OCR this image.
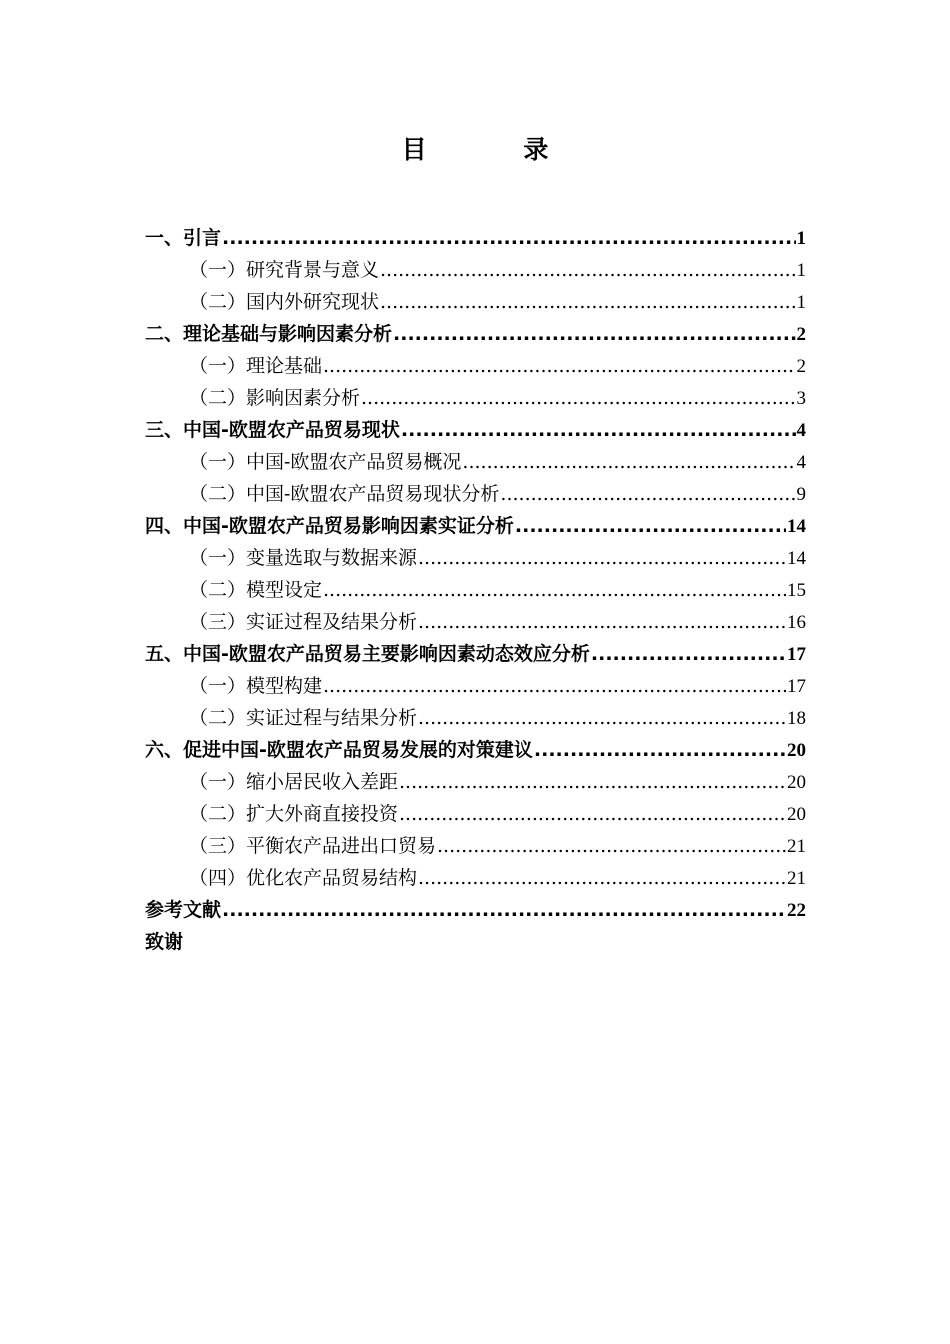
目 录
一、引言 .....	1
（一）研究背景与意义 .....	1
（二）国内外研究现状 .....	1
二、理论基础与影响因素分析 .....	2
（一）理论基础 .....	2
（二）影响因素分析 .....	3
三、中国-欧盟农产品贸易现状 .....	4
（一）中国-欧盟农产品贸易概况 .....	4
（二）中国-欧盟农产品贸易现状分析 .....	9
四、中国-欧盟农产品贸易影响因素实证分析 .....	14
（一）变量选取与数据来源 .....	14
（二）模型设定 .....	15
（三）实证过程及结果分析 .....	16
五、中国-欧盟农产品贸易主要影响因素动态效应分析 .....	17
（一）模型构建 .....	17
（二）实证过程与结果分析 .....	18
六、促进中国-欧盟农产品贸易发展的对策建议 .....	20
（一）缩小居民收入差距 .....	20
（二）扩大外商直接投资 .....	20
（三）平衡农产品进出口贸易 .....	21
（四）优化农产品贸易结构 .....	21
参考文献 .....	22
致谢
